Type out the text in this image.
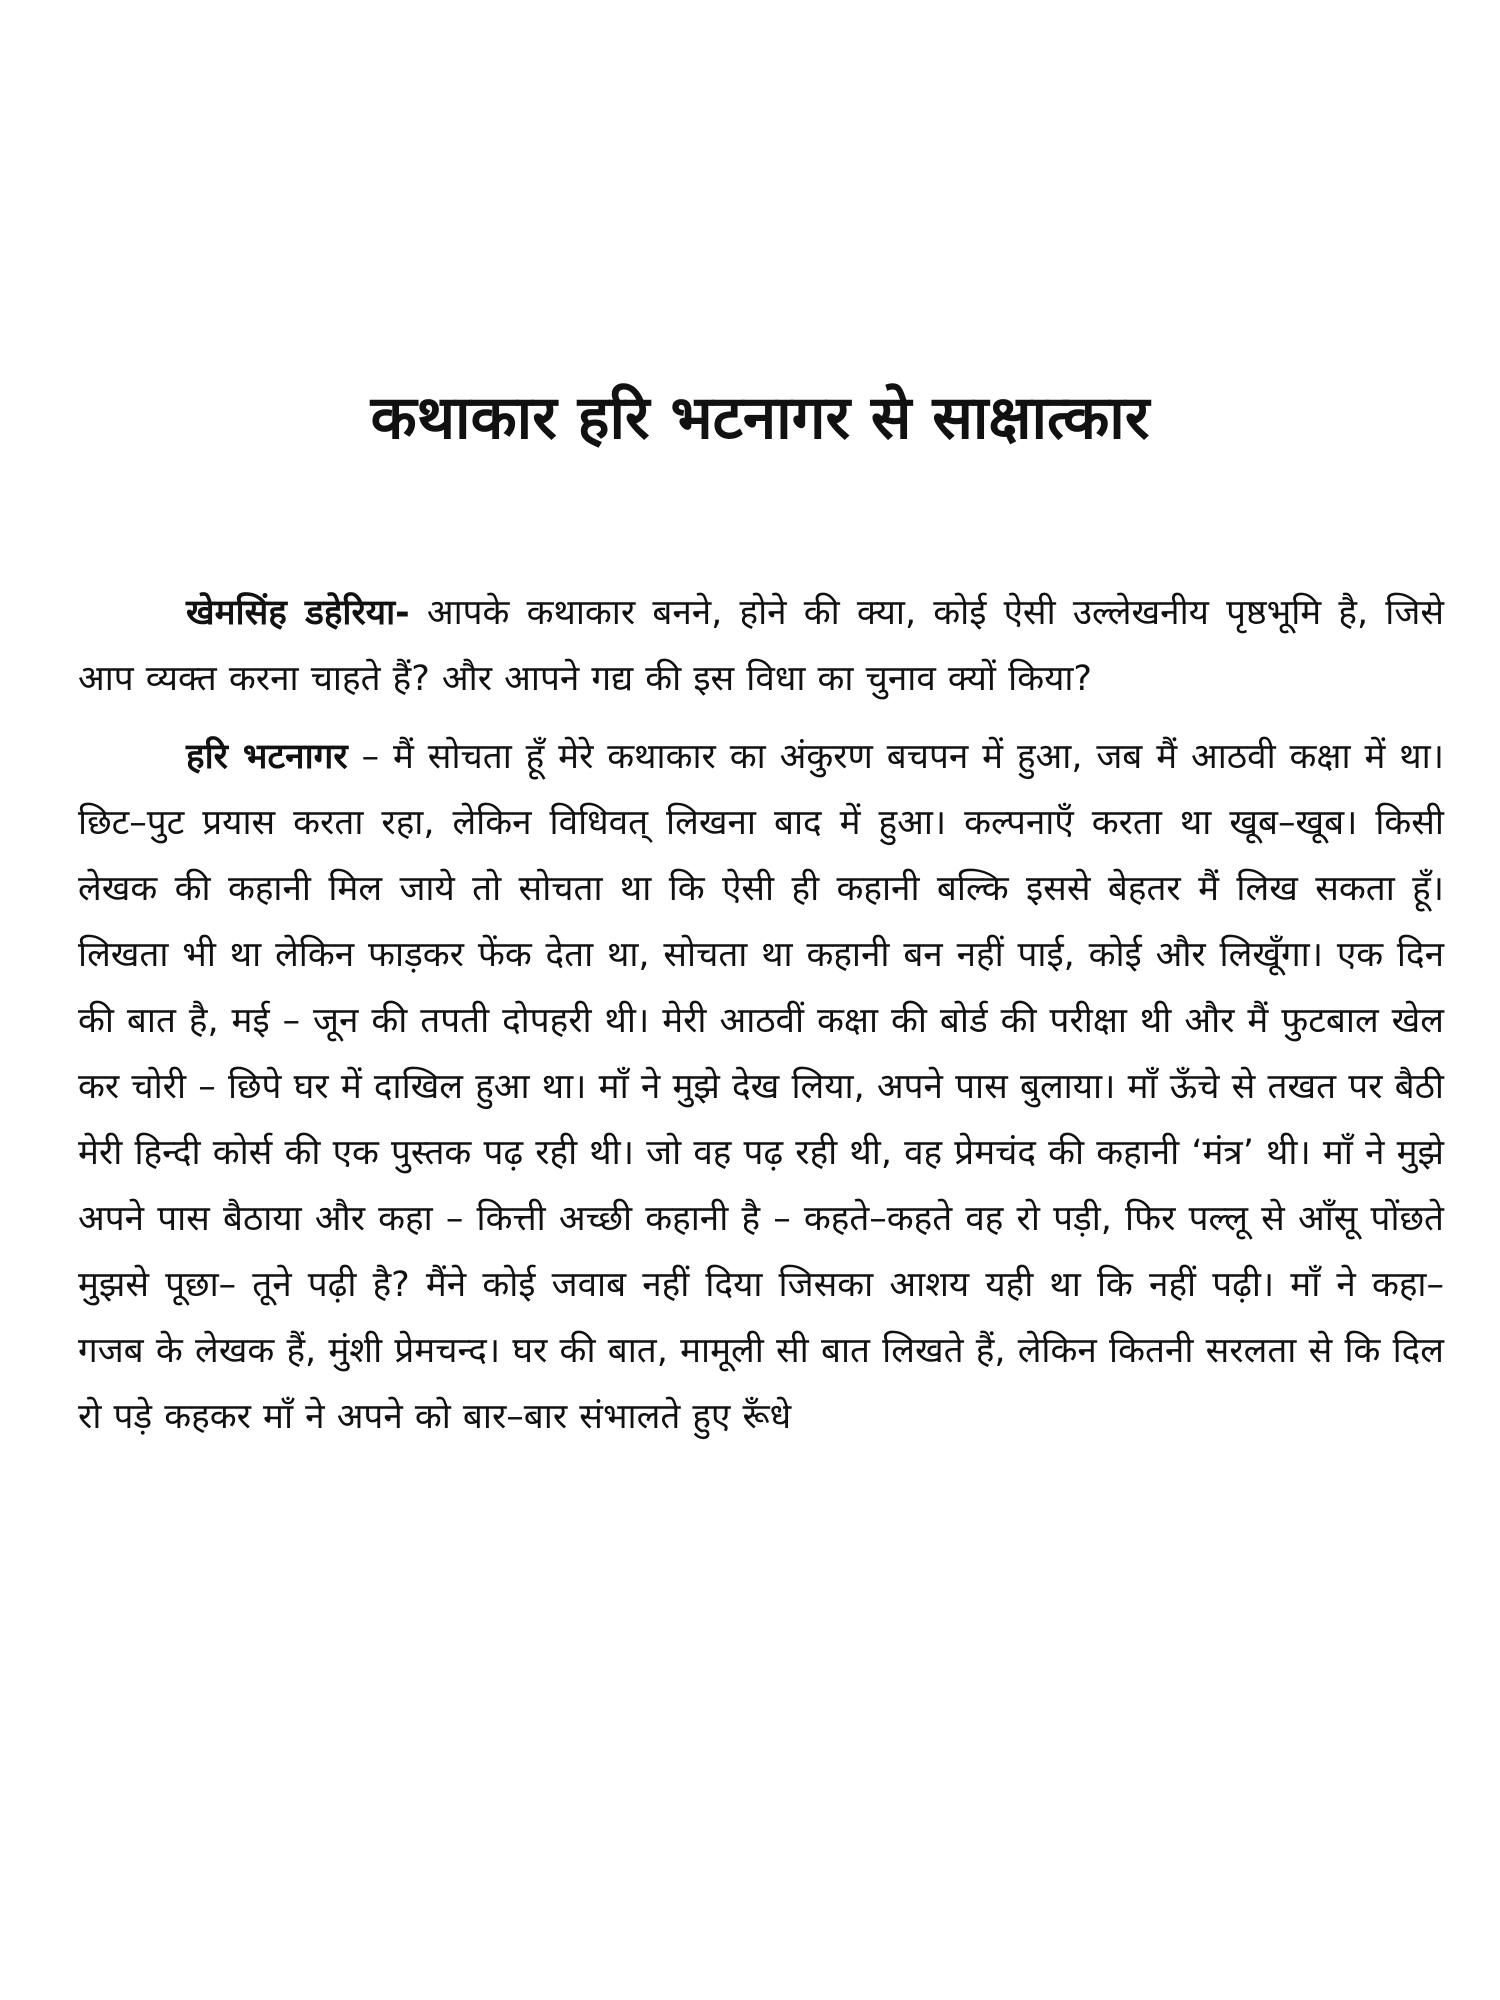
कथाकार हरि भटनागर से साक्षात्कार

खेमसिंह डहेरिया- आपके कथाकार बनने, होने की क्या, कोई ऐसी उल्लेखनीय पृष्ठभूमि है, जिसे आप व्यक्त करना चाहते हैं? और आपने गद्य की इस विधा का चुनाव क्यों किया?

हरि भटनागर – मैं सोचता हूँ मेरे कथाकार का अंकुरण बचपन में हुआ, जब मैं आठवी कक्षा में था। छिट–पुट प्रयास करता रहा, लेकिन विधिवत् लिखना बाद में हुआ। कल्पनाएँ करता था खूब–खूब। किसी लेखक की कहानी मिल जाये तो सोचता था कि ऐसी ही कहानी बल्कि इससे बेहतर मैं लिख सकता हूँ। लिखता भी था लेकिन फाड़कर फेंक देता था, सोचता था कहानी बन नहीं पाई, कोई और लिखूँगा। एक दिन की बात है, मई – जून की तपती दोपहरी थी। मेरी आठवीं कक्षा की बोर्ड की परीक्षा थी और मैं फुटबाल खेल कर चोरी – छिपे घर में दाखिल हुआ था। माँ ने मुझे देख लिया, अपने पास बुलाया। माँ ऊँचे से तखत पर बैठी मेरी हिन्दी कोर्स की एक पुस्तक पढ़ रही थी। जो वह पढ़ रही थी, वह प्रेमचंद की कहानी ‘मंत्र’ थी। माँ ने मुझे अपने पास बैठाया और कहा – कित्ती अच्छी कहानी है – कहते–कहते वह रो पड़ी, फिर पल्लू से आँसू पोंछते मुझसे पूछा– तूने पढ़ी है? मैंने कोई जवाब नहीं दिया जिसका आशय यही था कि नहीं पढ़ी। माँ ने कहा– गजब के लेखक हैं, मुंशी प्रेमचन्द। घर की बात, मामूली सी बात लिखते हैं, लेकिन कितनी सरलता से कि दिल रो पड़े कहकर माँ ने अपने को बार–बार संभालते हुए रूँधे
